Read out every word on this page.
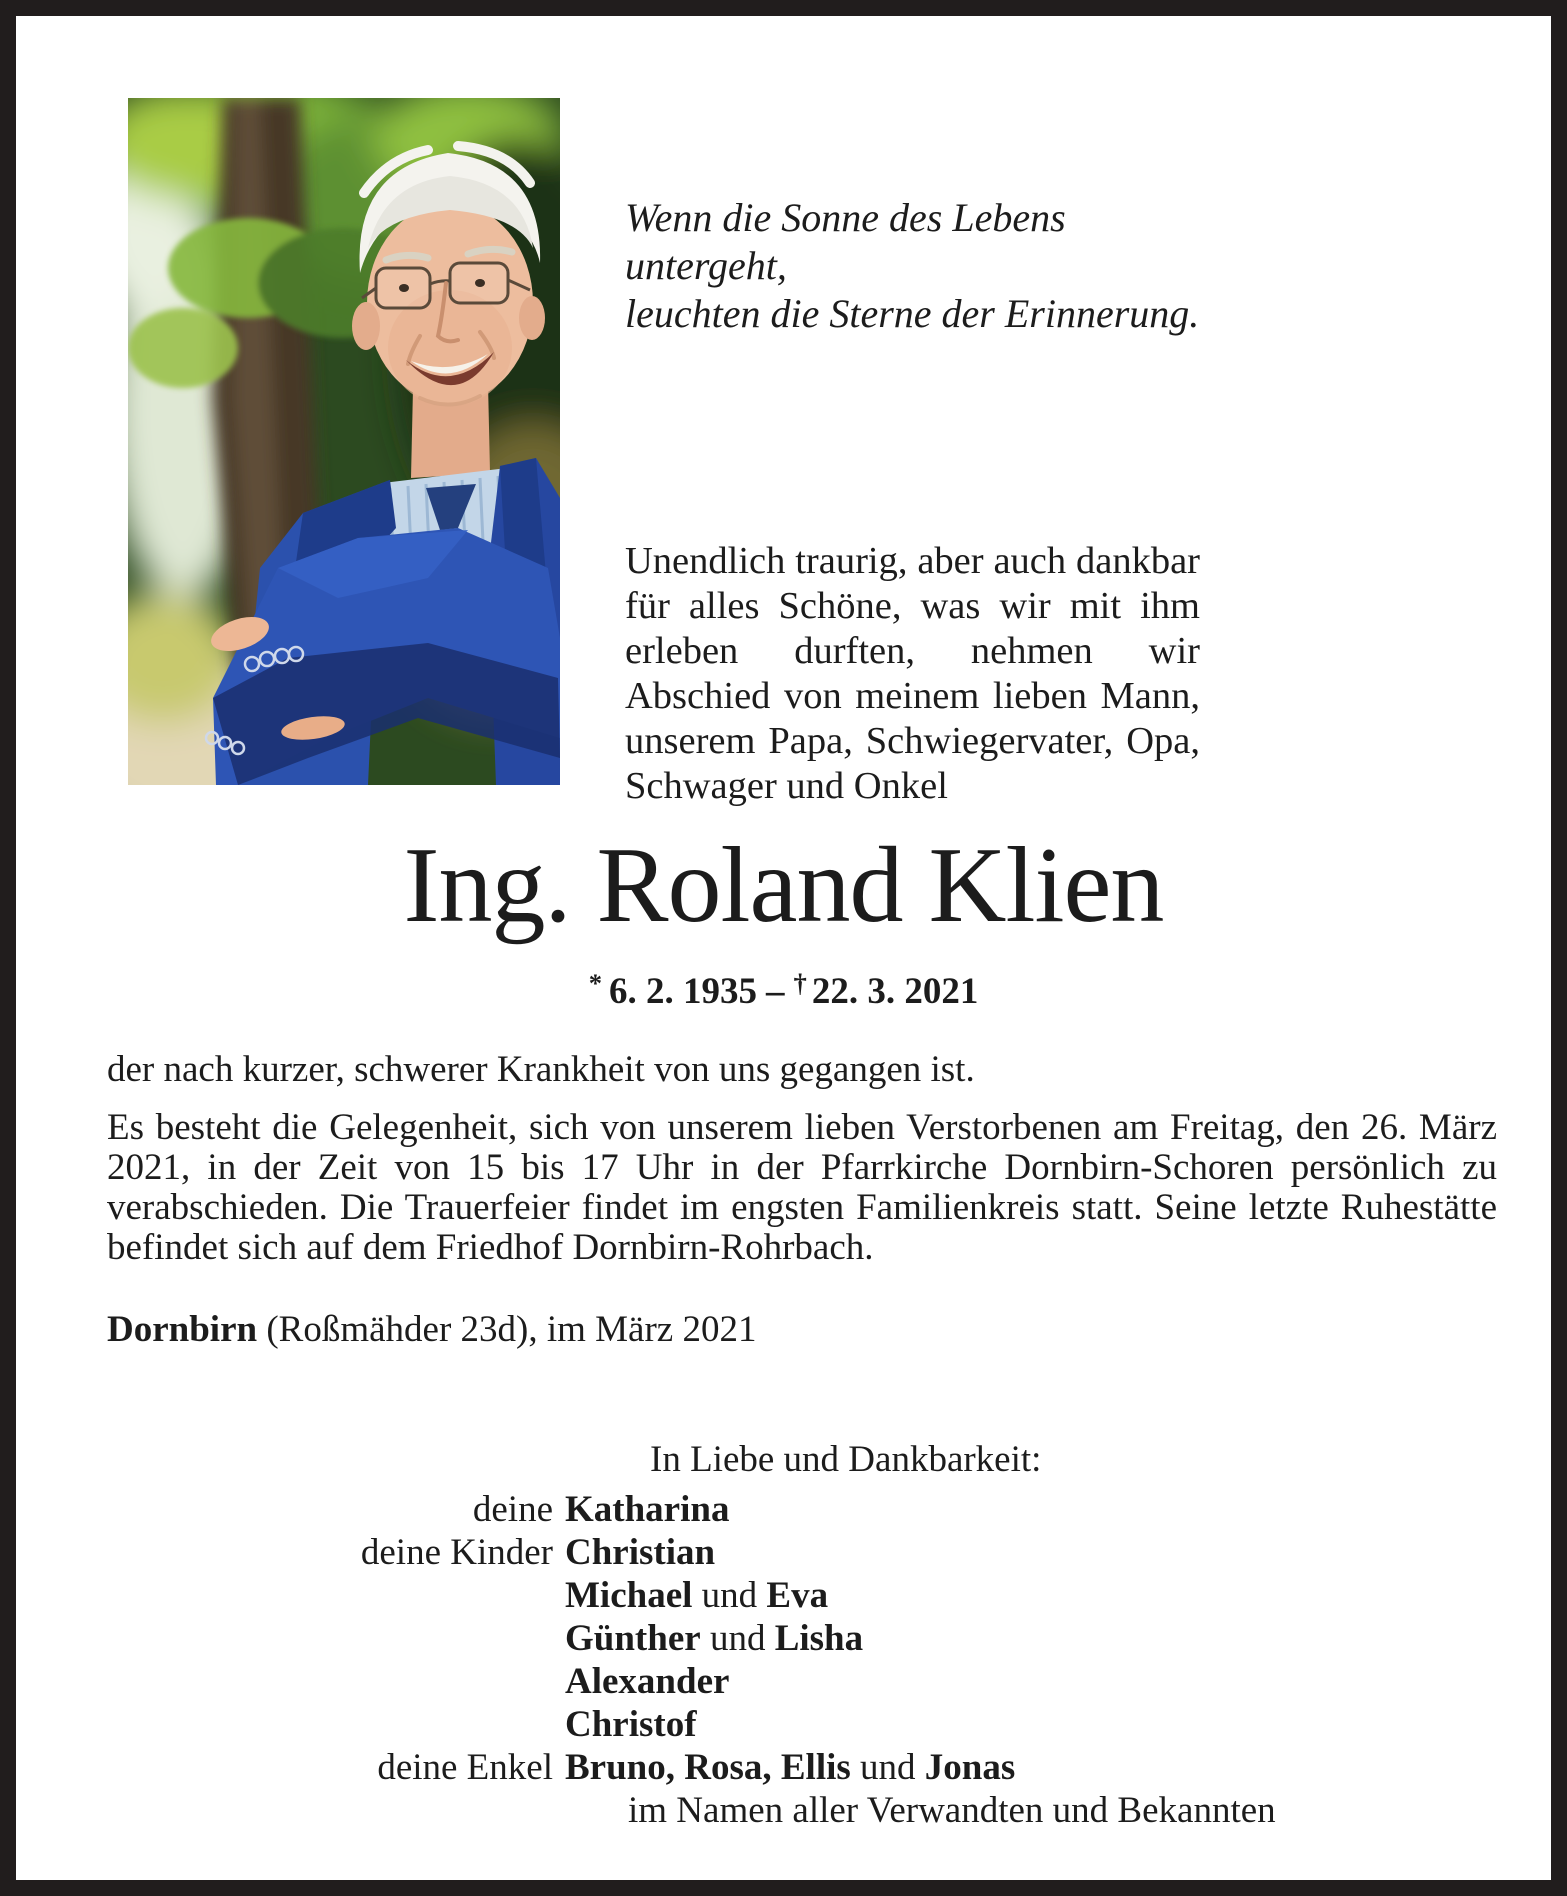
Wenn die Sonne des Lebens untergeht,
leuchten die Sterne der Erinnerung.
Unendlich traurig, aber auch dankbar für alles Schöne, was wir mit ihm erleben durften, nehmen wir Abschied von meinem lieben Mann, unserem Papa, Schwiegervater, Opa, Schwager und Onkel
Ing. Roland Klien
* 6. 2. 1935 – † 22. 3. 2021

der nach kurzer, schwerer Krankheit von uns gegangen ist.

Es besteht die Gelegenheit, sich von unserem lieben Verstorbenen am Freitag, den 26. März 2021, in der Zeit von 15 bis 17 Uhr in der Pfarrkirche Dornbirn-Schoren persönlich zu verabschieden. Die Trauerfeier findet im engsten Familienkreis statt. Seine letzte Ruhestätte befindet sich auf dem Friedhof Dornbirn-Rohrbach.

Dornbirn (Roßmähder 23d), im März 2021

In Liebe und Dankbarkeit:
deine Katharina
deine Kinder Christian
Michael und Eva
Günther und Lisha
Alexander
Christof
deine Enkel Bruno, Rosa, Ellis und Jonas
im Namen aller Verwandten und Bekannten
